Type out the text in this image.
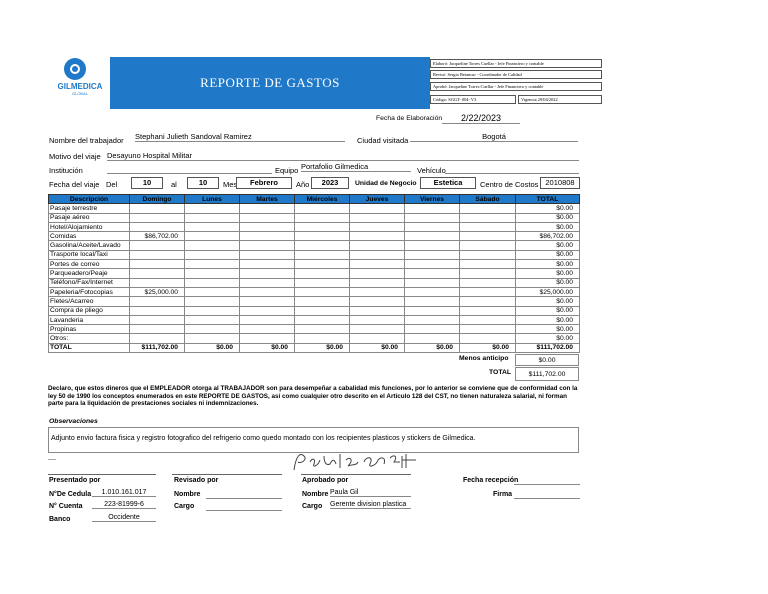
GILMEDICA
GLOBAL
REPORTE DE GASTOS
Elaboró: Jacqueline Torres Cuellar - Jefe Financiero y contable
Revisó: Sergio Betancur - Coordinador de Calidad
Aprobó: Jacqueline Torres Cuellar - Jefe Financiero y contable
Código: SGGT- 004- V3	Vigencia 29/04/2022
Fecha de Elaboración	2/22/2023
Nombre del trabajador Stephani Julieth Sandoval Ramirez	Ciudad visitada	Bogotá
Motivo del viaje Desayuno Hospital Militar
Institución	Equipo Portafolio Gilmedica	Vehículo
Fecha del viaje Del	10	al	10	Mes	Febrero	Año	2023	Unidad de Negocio	Estetica	Centro de Costos 2010808
Descripción	Domingo	Lunes	Martes	Miércoles	Jueves	Viernes	Sábado	TOTAL
Pasaje terrestre								$0.00
Pasaje aéreo								$0.00
Hotel/Alojamiento								$0.00
Comidas	$86,702.00							$86,702.00
Gasolina/Aceite/Lavado								$0.00
Trasporte local/Taxi								$0.00
Portes de correo								$0.00
Parqueadero/Peaje								$0.00
Teléfono/Fax/Internet								$0.00
Papeleria/Fotocopias	$25,000.00							$25,000.00
Fletes/Acarreo								$0.00
Compra de pliego								$0.00
Lavanderia								$0.00
Propinas								$0.00
Otros:								$0.00
TOTAL	$111,702.00	$0.00	$0.00	$0.00	$0.00	$0.00	$0.00	$111,702.00
Menos anticipo	$0.00
TOTAL	$111,702.00
Declaro, que estos dineros que el EMPLEADOR otorga al TRABAJADOR son para desempeñar a cabalidad mis funciones, por lo anterior se conviene que de conformidad con la ley 50 de 1990 los conceptos enumerados en este REPORTE DE GASTOS, así como cualquier otro descrito en el Artículo 128 del CST, no tienen naturaleza salarial, ni forman parte para la liquidación de prestaciones sociales ni indemnizaciones.
Observaciones
Adjunto envio factura fisica y registro fotografico del refrigerio como quedo montado con los recipientes plasticos y stickers de Gilmedica.
Presentado por
N°De Cedula	1.010.161.017
N° Cuenta	223-81999-6
Banco	Occidente
Revisado por
Nombre
Cargo
Aprobado por
Nombre Paula Gil
Cargo Gerente division plastica
Fecha recepción
Firma
